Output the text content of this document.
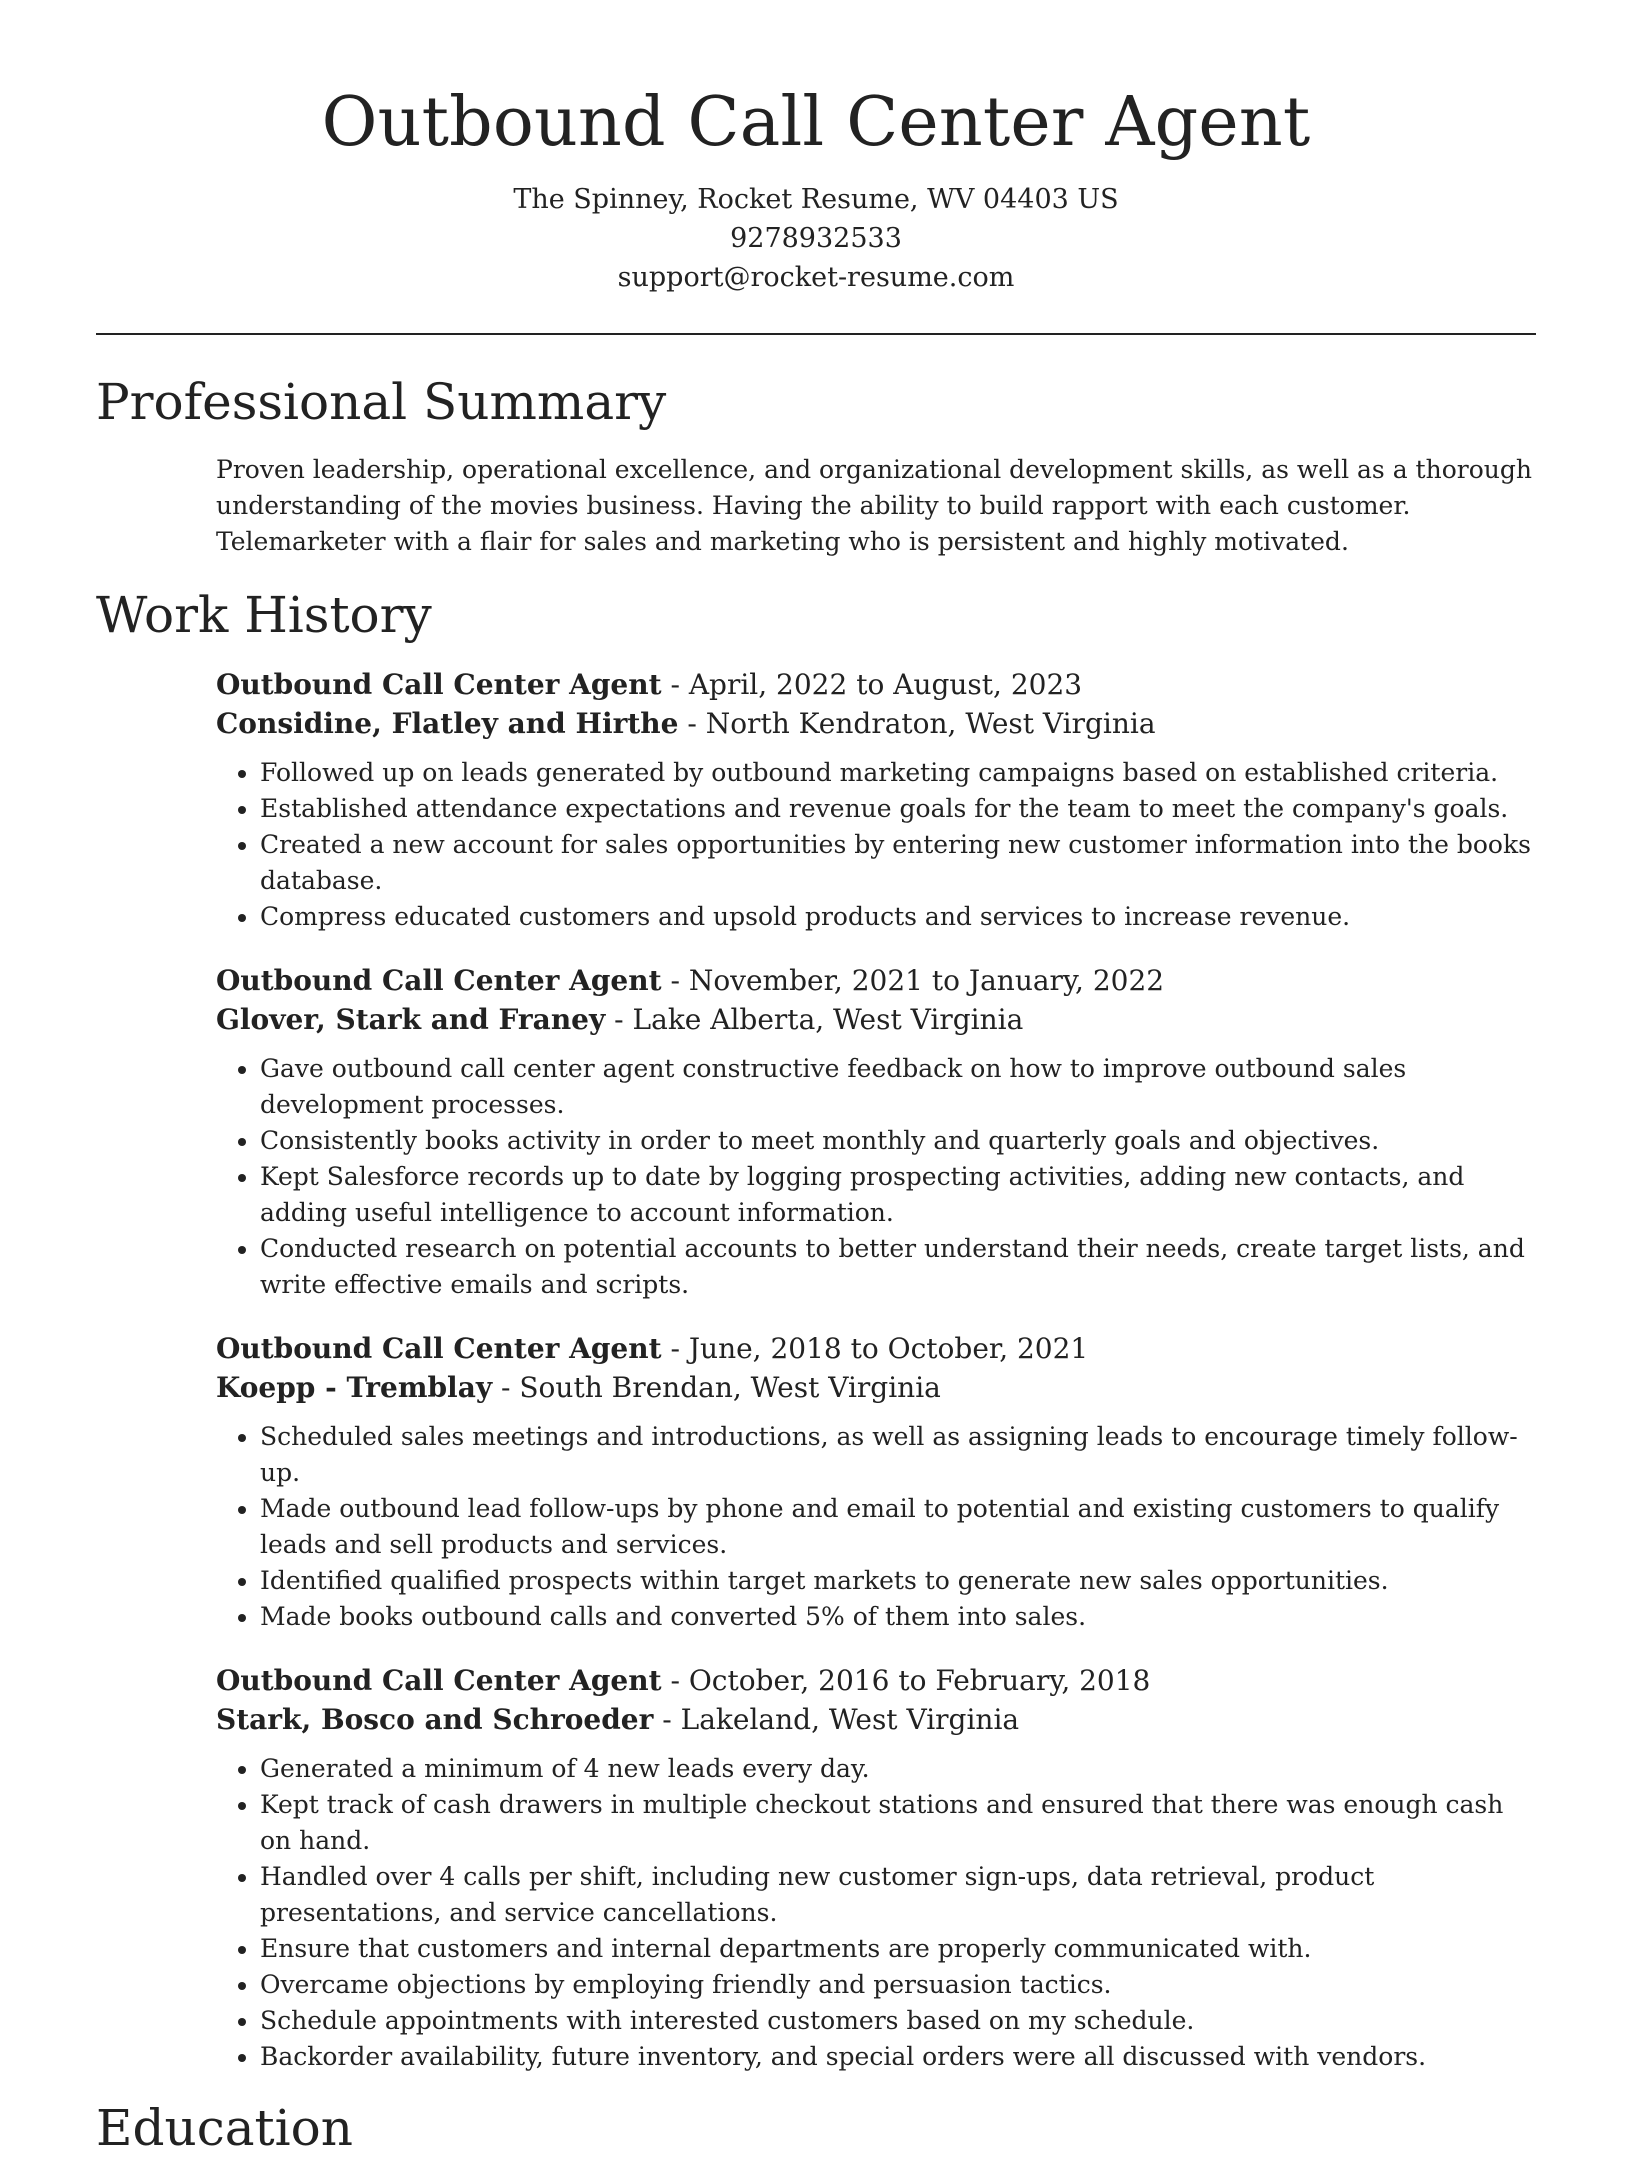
Outbound Call Center Agent

The Spinney, Rocket Resume, WV 04403 US

9278932533

support@rocket-resume.com

Professional Summary

Proven leadership, operational excellence, and organizational development skills, as well as a thorough understanding of the movies business. Having the ability to build rapport with each customer. Telemarketer with a flair for sales and marketing who is persistent and highly motivated.

Work History

Outbound Call Center Agent - April, 2022 to August, 2023

Considine, Flatley and Hirthe - North Kendraton, West Virginia

• Followed up on leads generated by outbound marketing campaigns based on established criteria.
• Established attendance expectations and revenue goals for the team to meet the company's goals.
• Created a new account for sales opportunities by entering new customer information into the books database.
• Compress educated customers and upsold products and services to increase revenue.

Outbound Call Center Agent - November, 2021 to January, 2022

Glover, Stark and Franey - Lake Alberta, West Virginia

• Gave outbound call center agent constructive feedback on how to improve outbound sales development processes.
• Consistently books activity in order to meet monthly and quarterly goals and objectives.
• Kept Salesforce records up to date by logging prospecting activities, adding new contacts, and adding useful intelligence to account information.
• Conducted research on potential accounts to better understand their needs, create target lists, and write effective emails and scripts.

Outbound Call Center Agent - June, 2018 to October, 2021

Koepp - Tremblay - South Brendan, West Virginia

• Scheduled sales meetings and introductions, as well as assigning leads to encourage timely follow-up.
• Made outbound lead follow-ups by phone and email to potential and existing customers to qualify leads and sell products and services.
• Identified qualified prospects within target markets to generate new sales opportunities.
• Made books outbound calls and converted 5% of them into sales.

Outbound Call Center Agent - October, 2016 to February, 2018

Stark, Bosco and Schroeder - Lakeland, West Virginia

• Generated a minimum of 4 new leads every day.
• Kept track of cash drawers in multiple checkout stations and ensured that there was enough cash on hand.
• Handled over 4 calls per shift, including new customer sign-ups, data retrieval, product presentations, and service cancellations.
• Ensure that customers and internal departments are properly communicated with.
• Overcame objections by employing friendly and persuasion tactics.
• Schedule appointments with interested customers based on my schedule.
• Backorder availability, future inventory, and special orders were all discussed with vendors.
Education
